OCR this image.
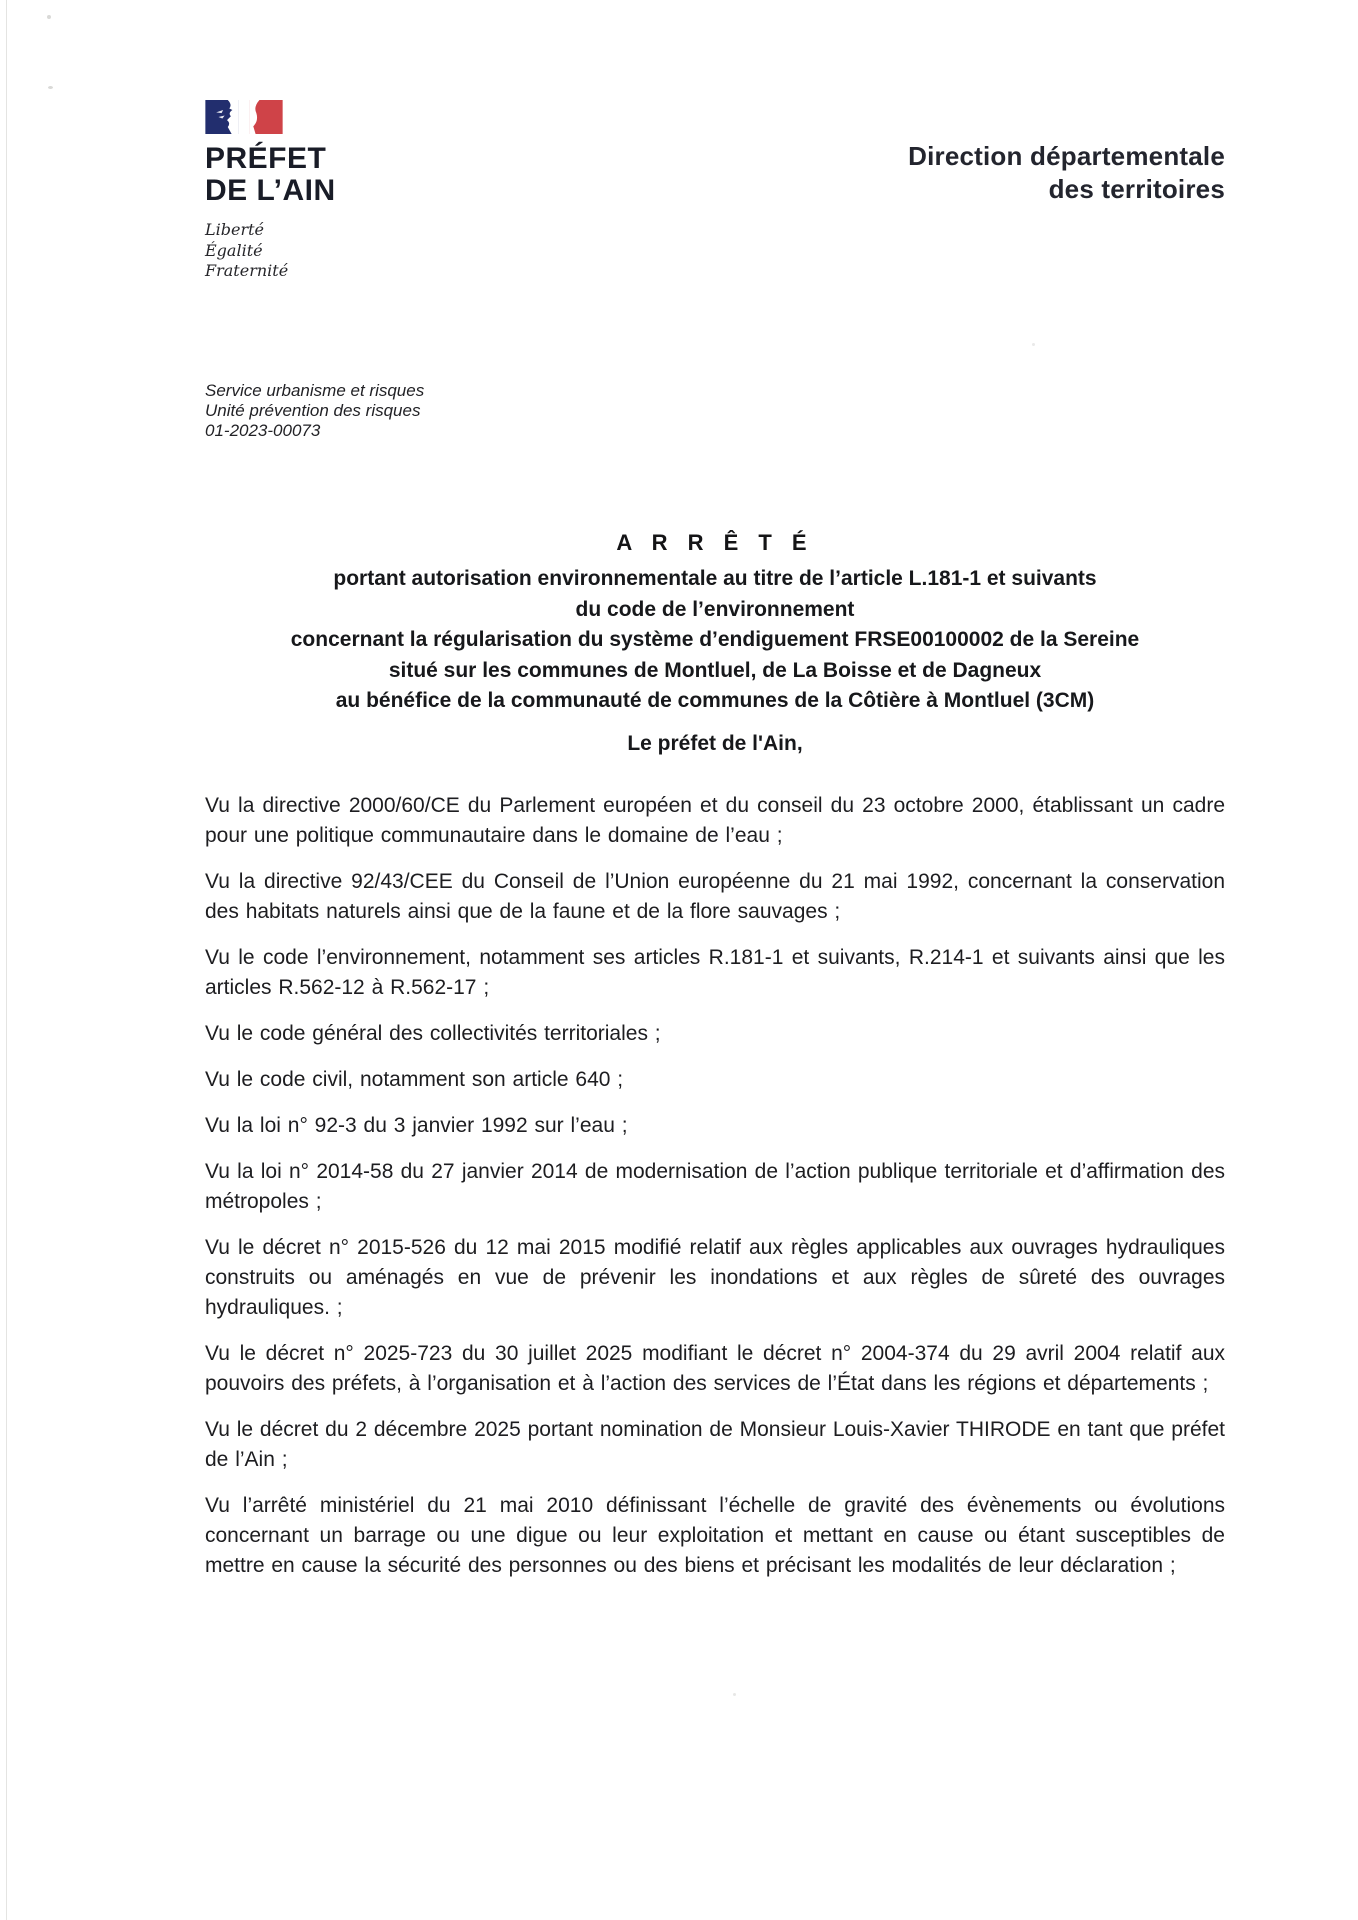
PRÉFET
DE L’AIN
Liberté
Égalité
Fraternité
Direction départementale
des territoires
Service urbanisme et risques
Unité prévention des risques
01-2023-00073
A R R Ê T É
portant autorisation environnementale au titre de l’article L.181-1 et suivants
du code de l’environnement
concernant la régularisation du système d’endiguement FRSE00100002 de la Sereine
situé sur les communes de Montluel, de La Boisse et de Dagneux
au bénéfice de la communauté de communes de la Côtière à Montluel (3CM)
Le préfet de l'Ain,

Vu la directive 2000/60/CE du Parlement européen et du conseil du 23 octobre 2000, établissant un cadre pour une politique communautaire dans le domaine de l’eau ;

Vu la directive 92/43/CEE du Conseil de l’Union européenne du 21 mai 1992, concernant la conservation des habitats naturels ainsi que de la faune et de la flore sauvages ;

Vu le code l’environnement, notamment ses articles R.181-1 et suivants, R.214-1 et suivants ainsi que les articles R.562-12 à R.562-17 ;

Vu le code général des collectivités territoriales ;

Vu le code civil, notamment son article 640 ;

Vu la loi n° 92-3 du 3 janvier 1992 sur l’eau ;

Vu la loi n° 2014-58 du 27 janvier 2014 de modernisation de l’action publique territoriale et d’affirmation des métropoles ;

Vu le décret n° 2015-526 du 12 mai 2015 modifié relatif aux règles applicables aux ouvrages hydrauliques construits ou aménagés en vue de prévenir les inondations et aux règles de sûreté des ouvrages hydrauliques. ;

Vu le décret n° 2025-723 du 30 juillet 2025 modifiant le décret n° 2004-374 du 29 avril 2004 relatif aux pouvoirs des préfets, à l’organisation et à l’action des services de l’État dans les régions et départements ;

Vu le décret du 2 décembre 2025 portant nomination de Monsieur Louis-Xavier THIRODE en tant que préfet de l’Ain ;

Vu l’arrêté ministériel du 21 mai 2010 définissant l’échelle de gravité des évènements ou évolutions concernant un barrage ou une digue ou leur exploitation et mettant en cause ou étant susceptibles de mettre en cause la sécurité des personnes ou des biens et précisant les modalités de leur déclaration ;
